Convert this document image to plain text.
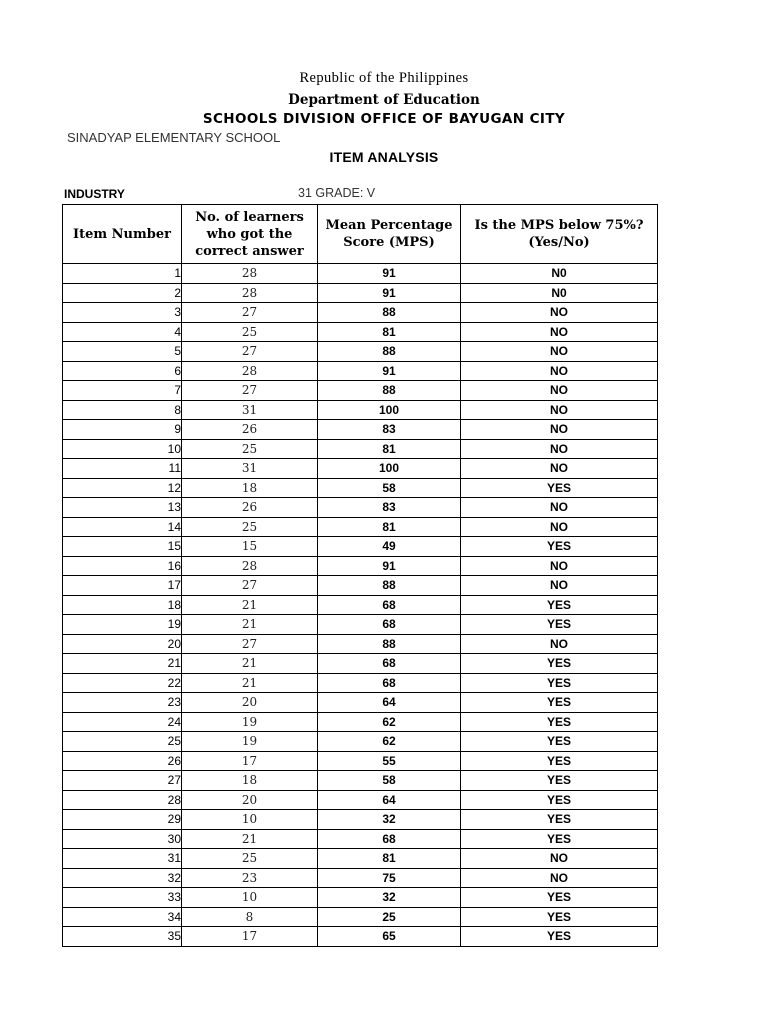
Republic of the Philippines
Department of Education
SCHOOLS DIVISION OFFICE OF BAYUGAN CITY
SINADYAP ELEMENTARY SCHOOL
ITEM ANALYSIS
INDUSTRY	31 GRADE: V
Item Number	No. of learners who got the correct answer	Mean Percentage Score (MPS)	Is the MPS below 75%? (Yes/No)
1	28	91	N0
2	28	91	N0
3	27	88	NO
4	25	81	NO
5	27	88	NO
6	28	91	NO
7	27	88	NO
8	31	100	NO
9	26	83	NO
10	25	81	NO
11	31	100	NO
12	18	58	YES
13	26	83	NO
14	25	81	NO
15	15	49	YES
16	28	91	NO
17	27	88	NO
18	21	68	YES
19	21	68	YES
20	27	88	NO
21	21	68	YES
22	21	68	YES
23	20	64	YES
24	19	62	YES
25	19	62	YES
26	17	55	YES
27	18	58	YES
28	20	64	YES
29	10	32	YES
30	21	68	YES
31	25	81	NO
32	23	75	NO
33	10	32	YES
34	8	25	YES
35	17	65	YES
